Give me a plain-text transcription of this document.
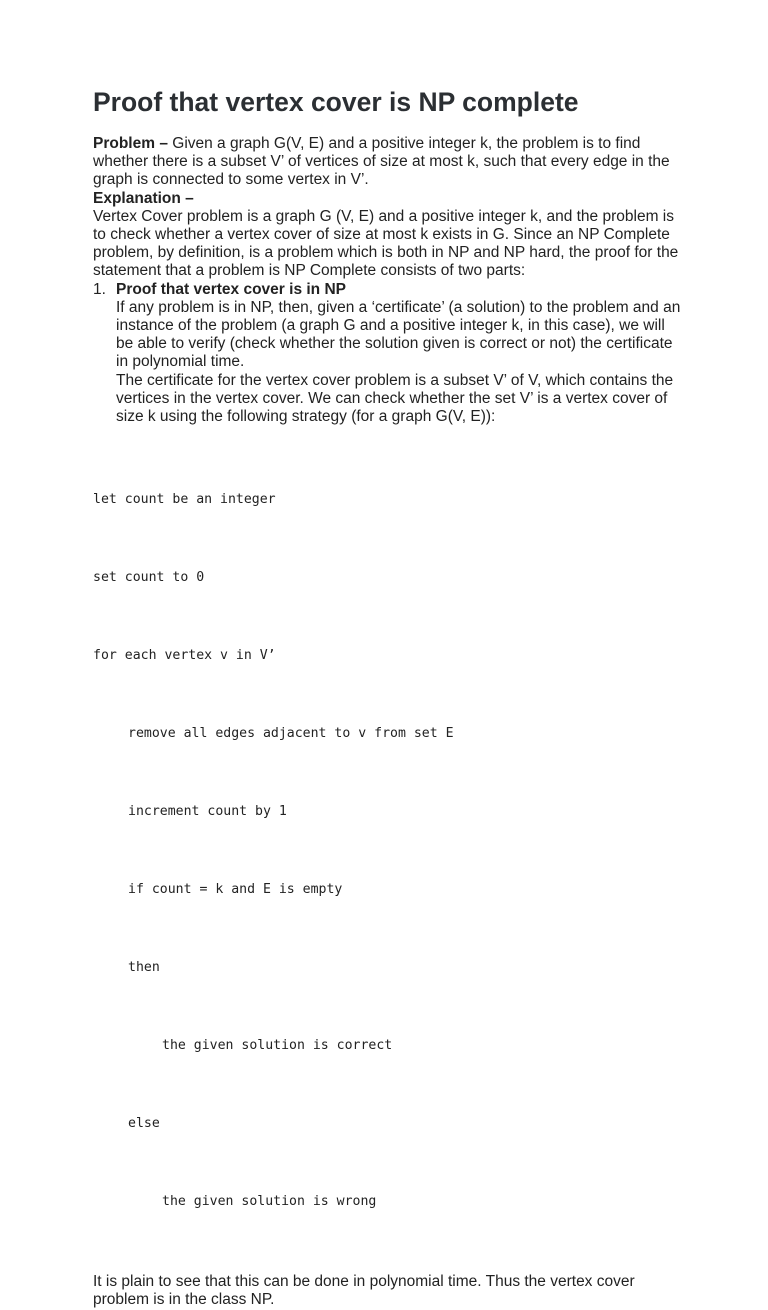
Proof that vertex cover is NP complete

Problem – Given a graph G(V, E) and a positive integer k, the problem is to find whether there is a subset V’ of vertices of size at most k, such that every edge in the graph is connected to some vertex in V’.

Explanation –

Vertex Cover problem is a graph G (V, E) and a positive integer k, and the problem is to check whether a vertex cover of size at most k exists in G. Since an NP Complete problem, by definition, is a problem which is both in NP and NP hard, the proof for the statement that a problem is NP Complete consists of two parts:

1. Proof that vertex cover is in NP
If any problem is in NP, then, given a ‘certificate’ (a solution) to the problem and an instance of the problem (a graph G and a positive integer k, in this case), we will be able to verify (check whether the solution given is correct or not) the certificate in polynomial time.
The certificate for the vertex cover problem is a subset V’ of V, which contains the vertices in the vertex cover. We can check whether the set V’ is a vertex cover of size k using the following strategy (for a graph G(V, E)):

let count be an integer

set count to 0

for each vertex v in V’

remove all edges adjacent to v from set E

increment count by 1

if count = k and E is empty

then

the given solution is correct

else

the given solution is wrong

It is plain to see that this can be done in polynomial time. Thus the vertex cover problem is in the class NP.
